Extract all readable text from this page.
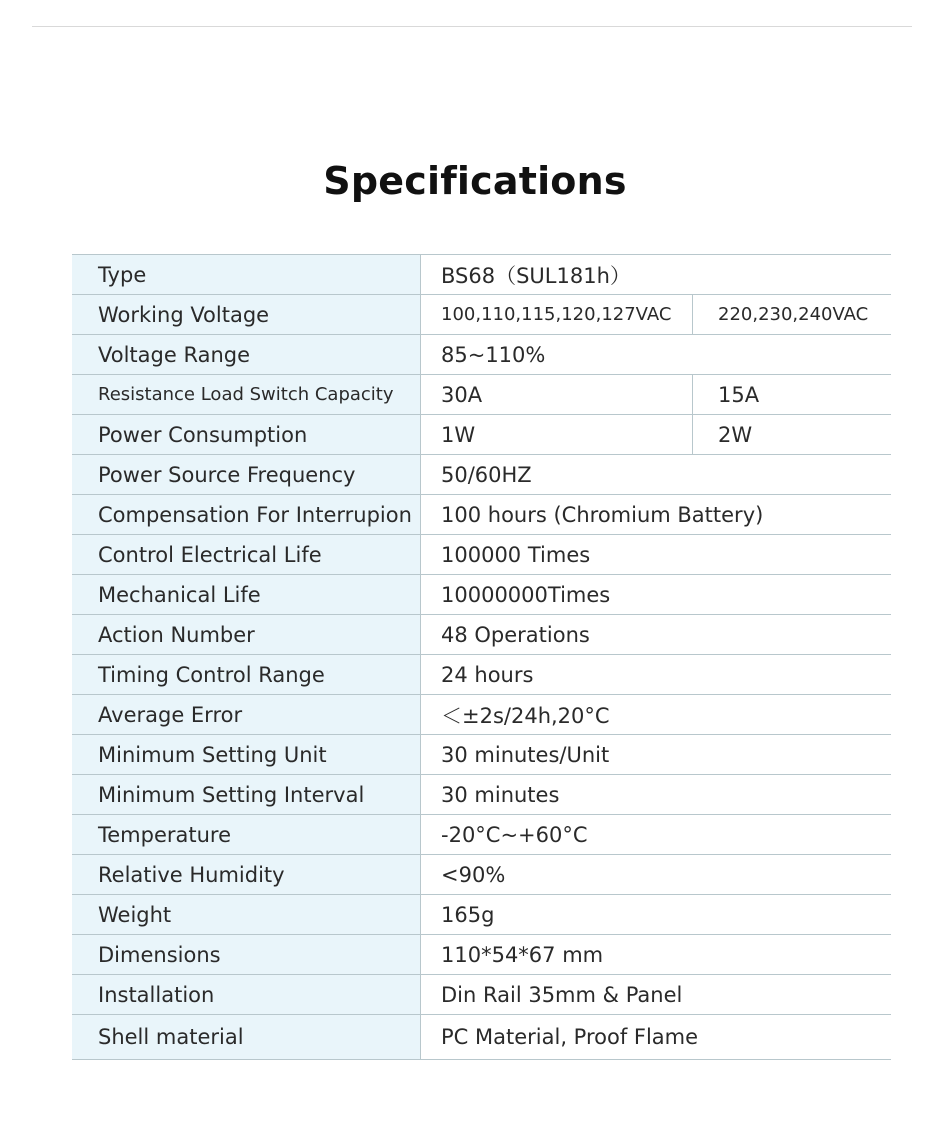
Specifications
Type	BS68（SUL181h）
Working Voltage	100,110,115,120,127VAC	220,230,240VAC
Voltage Range	85~110%
Resistance Load Switch Capacity	30A	15A
Power Consumption	1W	2W
Power Source Frequency	50/60HZ
Compensation For Interrupion	100 hours (Chromium Battery)
Control Electrical Life	100000 Times
Mechanical Life	10000000Times
Action Number	48 Operations
Timing Control Range	24 hours
Average Error	＜±2s/24h,20°C
Minimum Setting Unit	30 minutes/Unit
Minimum Setting Interval	30 minutes
Temperature	-20°C~+60°C
Relative Humidity	<90%
Weight	165g
Dimensions	110*54*67 mm
Installation	Din Rail 35mm & Panel
Shell material	PC Material, Proof Flame
